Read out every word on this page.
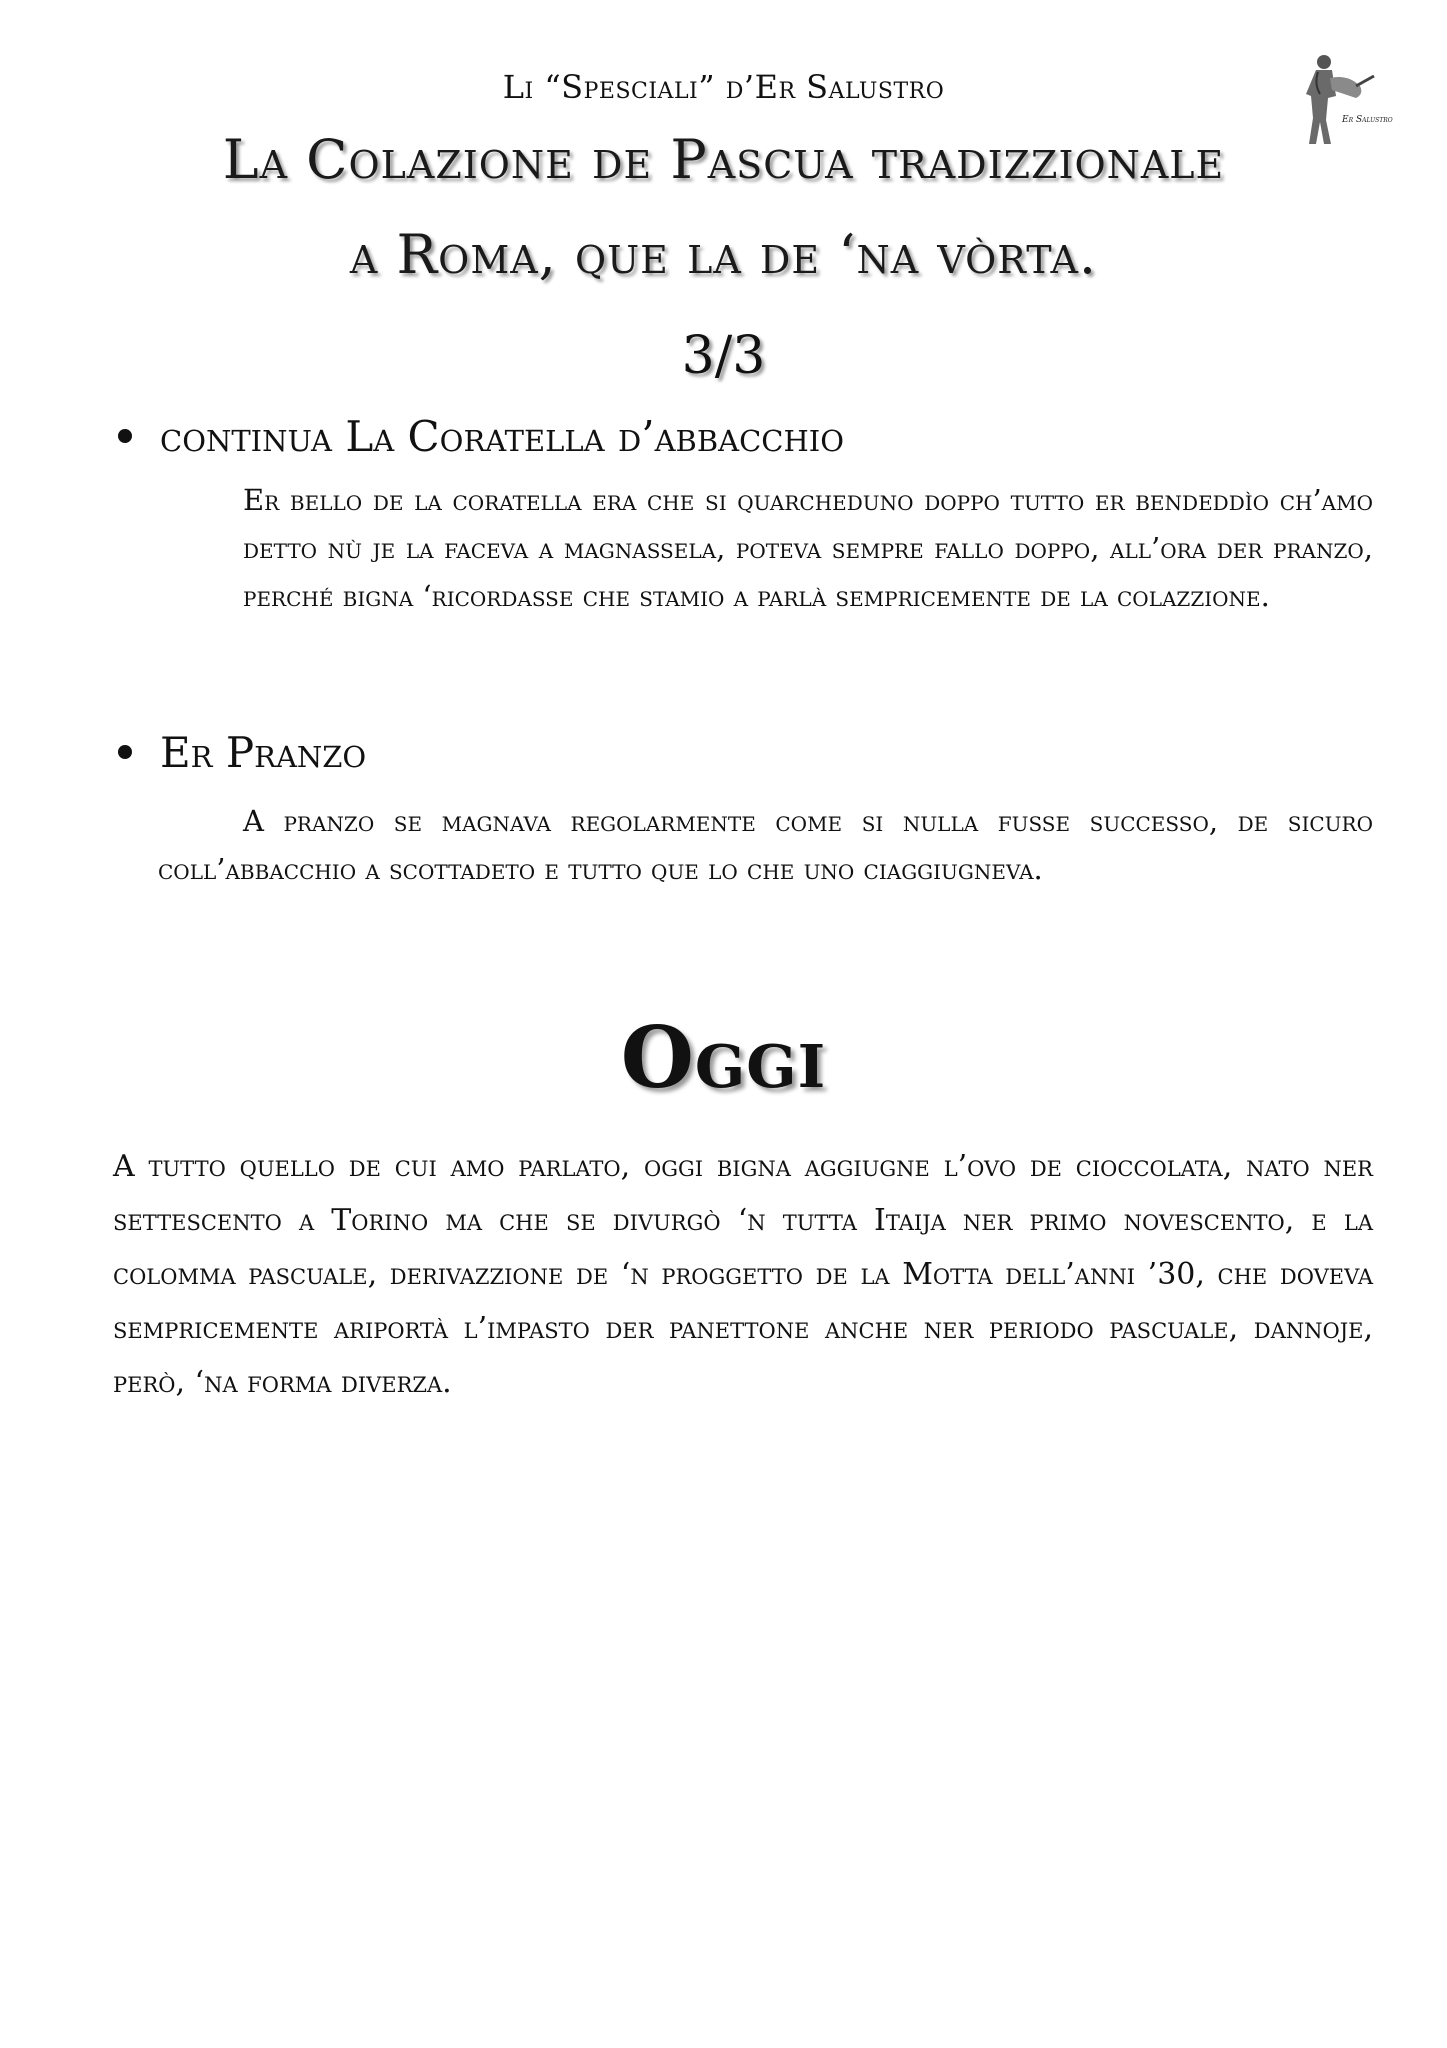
Li “Spesciali” d’Er Salustro
La Colazione de Pascua tradizzionale
a Roma, que la de ‘na vòrta.
3/3
Er Salustro
continua La Coratella d’abbacchio

Er bello de la coratella era che si quarcheduno doppo tutto er bendeddìo ch’amo detto nù je la faceva a magnassela, poteva sempre fallo doppo, all’ora der pranzo, perché bigna ‘ricordasse che stamio a parlà sempricemente de la colazzione.

Er Pranzo

A pranzo se magnava regolarmente come si nulla fusse successo, de sicuro coll’abbacchio a scottadeto e tutto que lo che uno ciaggiugneva.

Oggi

A tutto quello de cui amo parlato, oggi bigna aggiugne l’ovo de cioccolata, nato ner settescento a Torino ma che se divurgò ‘n tutta Itaija ner primo novescento, e la colomma pascuale, derivazzione de ‘n proggetto de la Motta dell’anni ’30, che doveva sempricemente ariportà l’impasto der panettone anche ner periodo pascuale, dannoje, però, ‘na forma diverza.
